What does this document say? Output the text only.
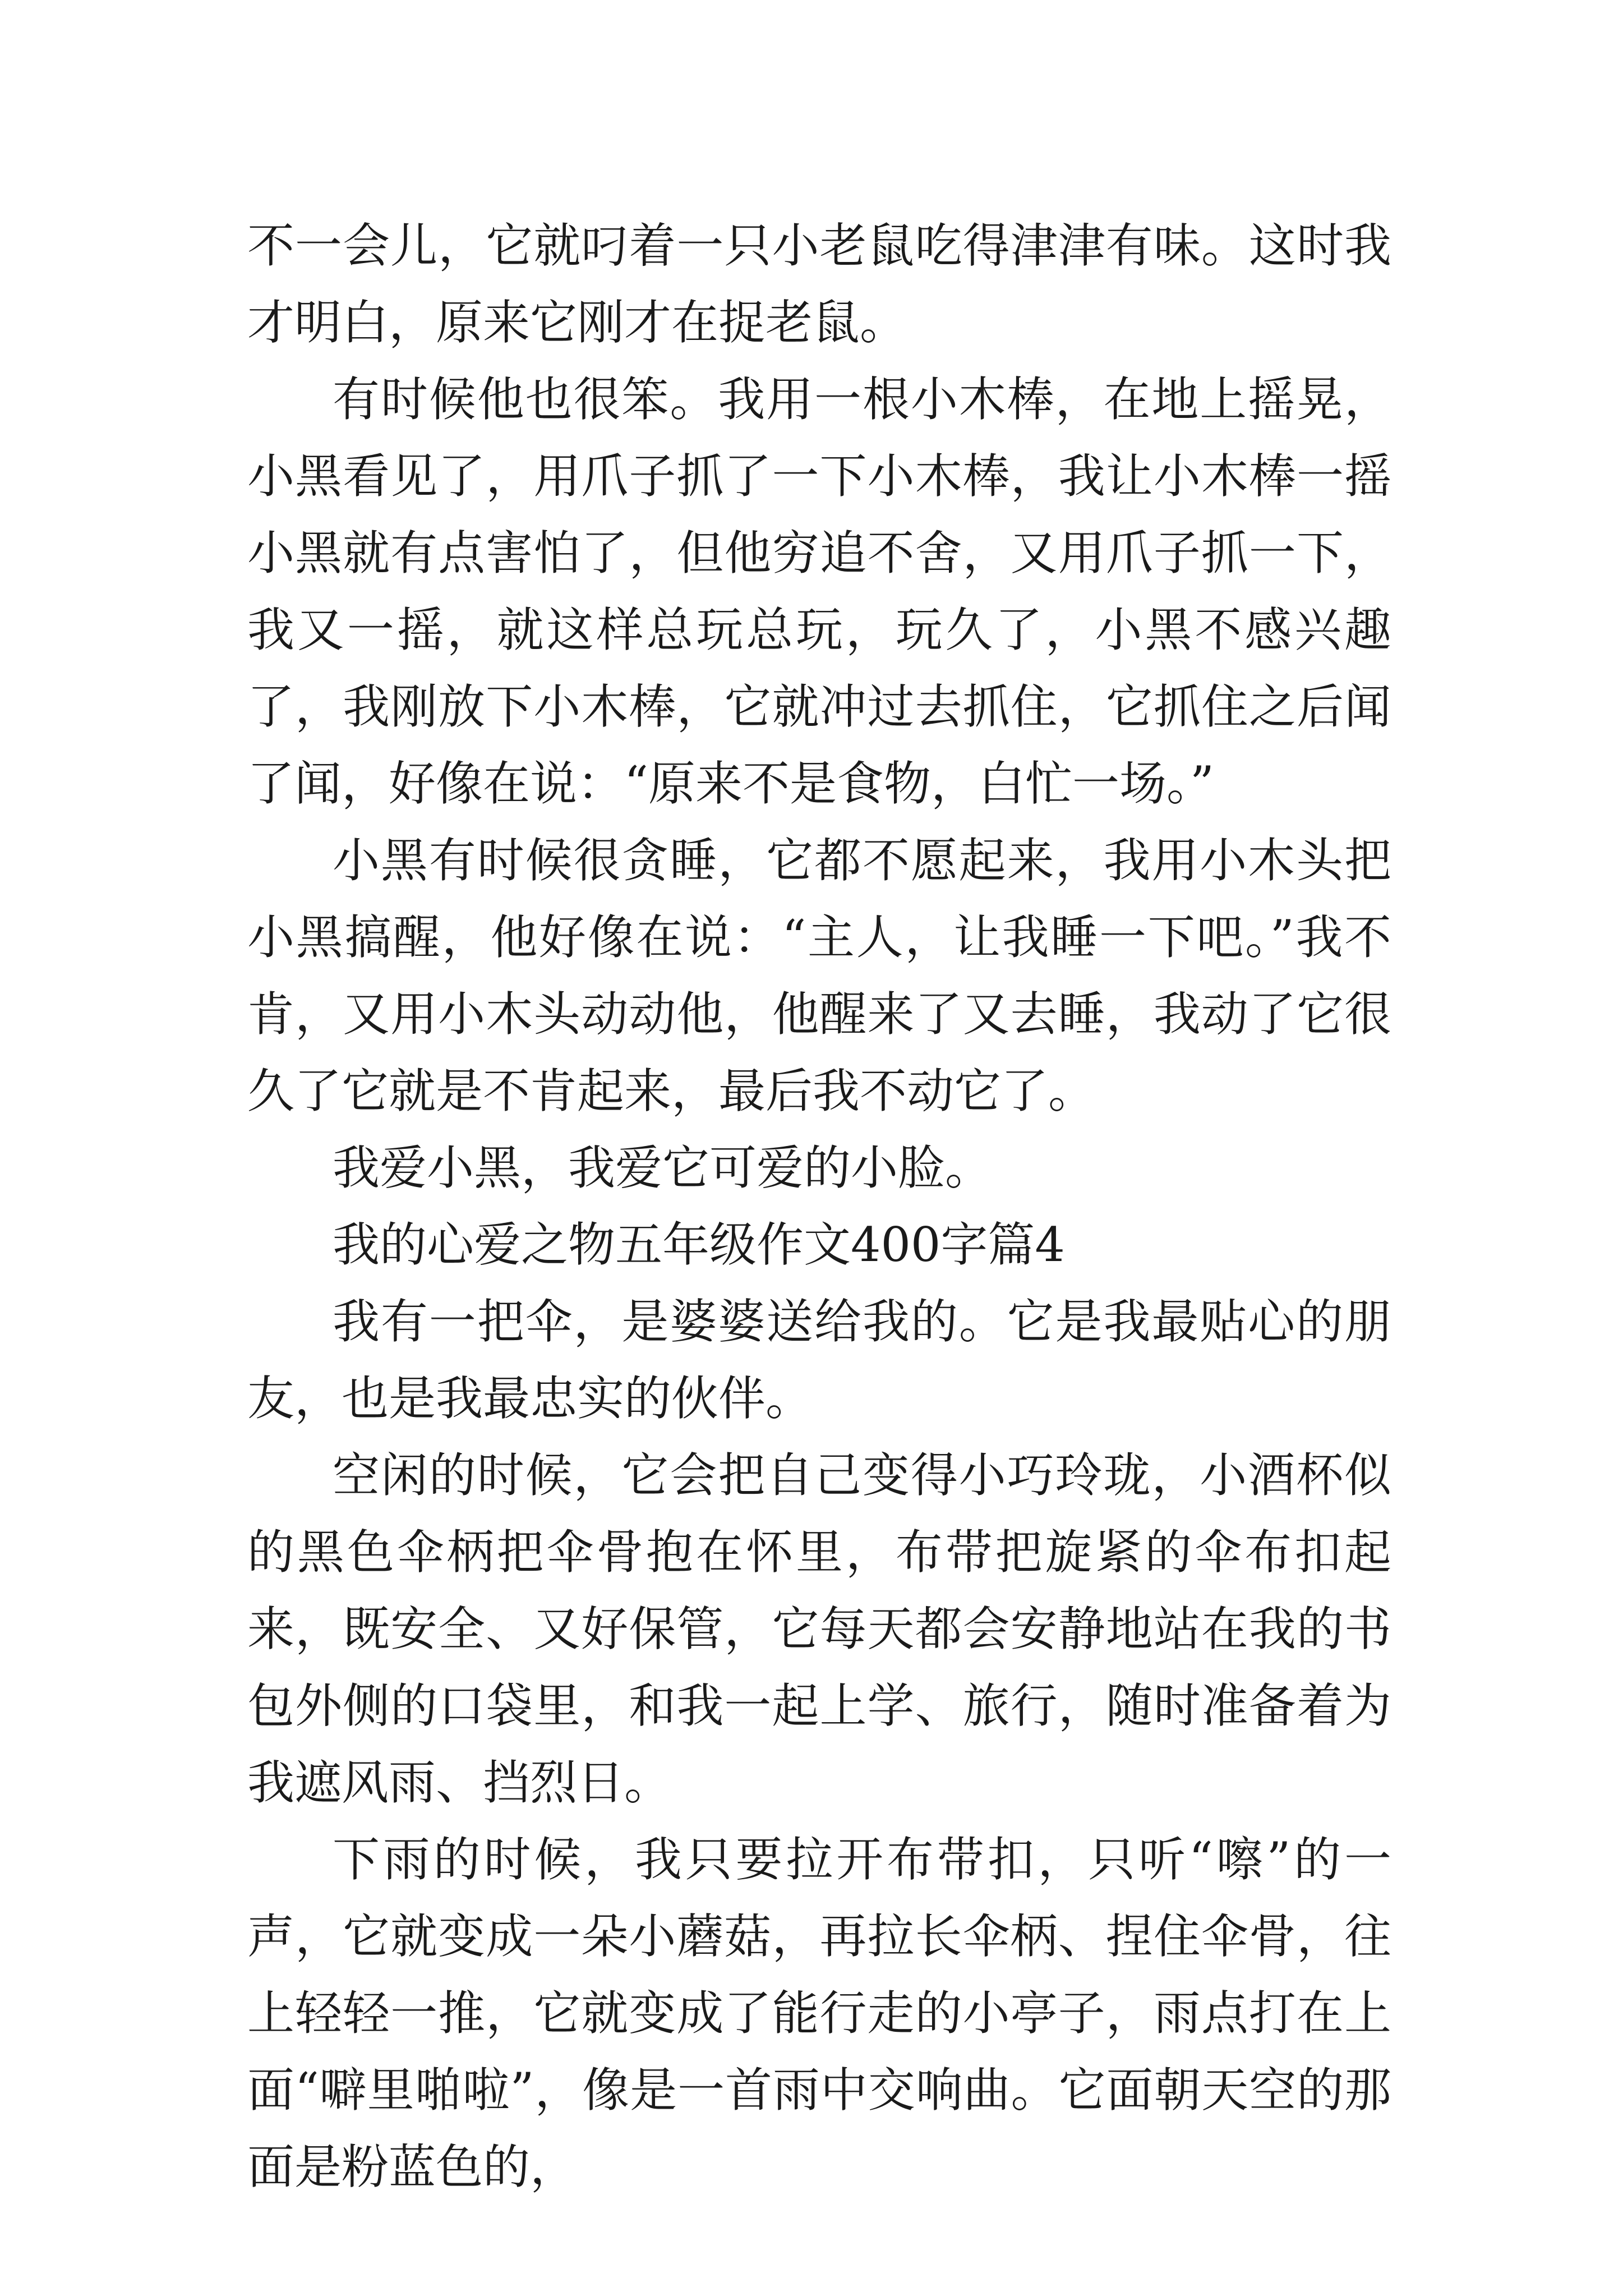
不一会儿，它就叼着一只小老鼠吃得津津有味。这时我才明白，原来它刚才在捉老鼠。

有时候他也很笨。我用一根小木棒，在地上摇晃，小黑看见了，用爪子抓了一下小木棒，我让小木棒一摇小黑就有点害怕了，但他穷追不舍，又用爪子抓一下，我又一摇，就这样总玩总玩，玩久了，小黑不感兴趣了，我刚放下小木棒，它就冲过去抓住，它抓住之后闻了闻，好像在说：“原来不是食物，白忙一场。”

小黑有时候很贪睡，它都不愿起来，我用小木头把小黑搞醒，他好像在说：“主人，让我睡一下吧。”我不肯，又用小木头动动他，他醒来了又去睡，我动了它很久了它就是不肯起来，最后我不动它了。

我爱小黑，我爱它可爱的小脸。

我的心爱之物五年级作文400字篇4

我有一把伞，是婆婆送给我的。它是我最贴心的朋友，也是我最忠实的伙伴。

空闲的时候，它会把自己变得小巧玲珑，小酒杯似的黑色伞柄把伞骨抱在怀里，布带把旋紧的伞布扣起来，既安全、又好保管，它每天都会安静地站在我的书包外侧的口袋里，和我一起上学、旅行，随时准备着为我遮风雨、挡烈日。

下雨的时候，我只要拉开布带扣，只听“嚓”的一声，它就变成一朵小蘑菇，再拉长伞柄、捏住伞骨，往上轻轻一推，它就变成了能行走的小亭子，雨点打在上面“噼里啪啦”，像是一首雨中交响曲。它面朝天空的那面是粉蓝色的，
